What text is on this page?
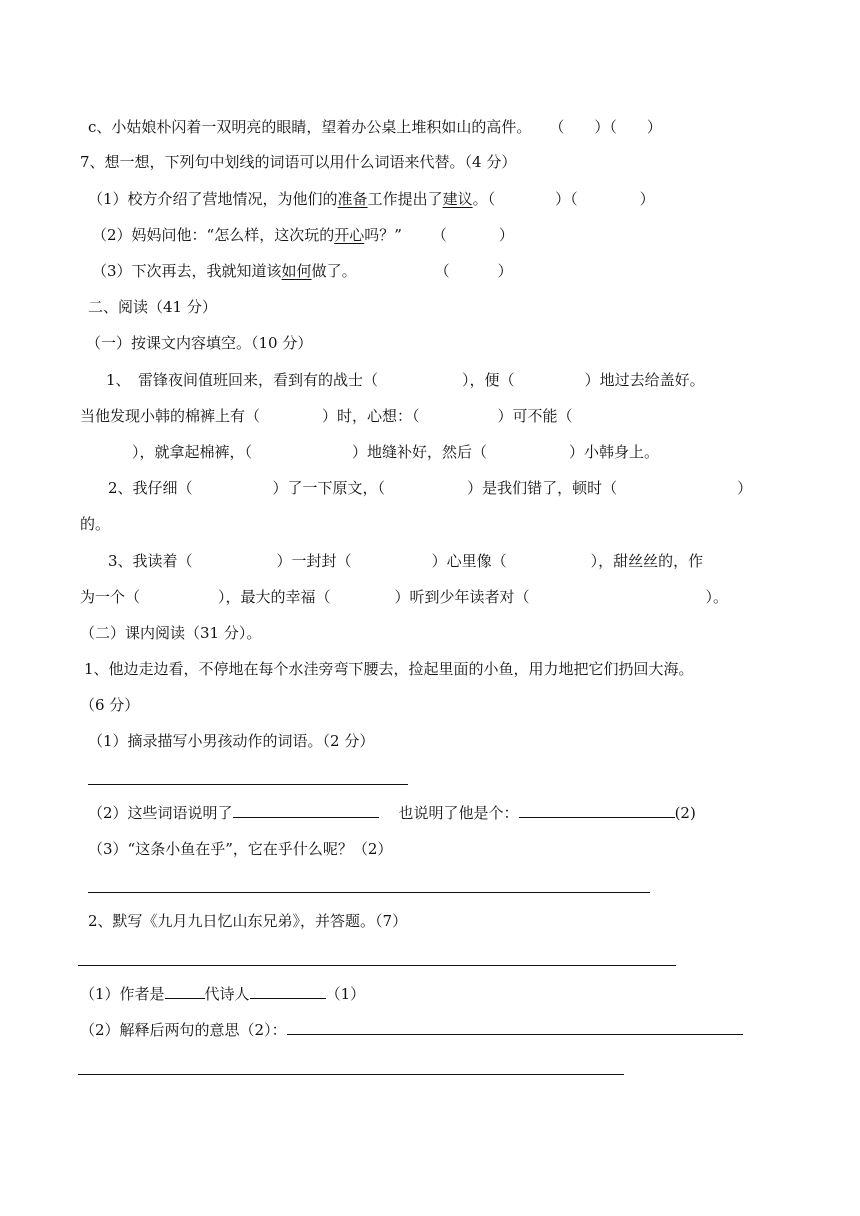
c、小姑娘朴闪着一双明亮的眼睛，望着办公桌上堆积如山的高件。 （　　）（　　）
7、想一想，下列句中划线的词语可以用什么词语来代替。（4 分）
（1）校方介绍了营地情况，为他们的准备工作提出了建议。（	）（	）
（2）妈妈问他：“怎么样，这次玩的开心吗？” （	）
（3）下次再去，我就知道该如何做了。	（	）
二、阅读（41 分）
（一）按课文内容填空。（10 分）
1、　雷锋夜间值班回来，看到有的战士（	），便（	）地过去给盖好。
当他发现小韩的棉裤上有（	）时，心想：（	）可不能（
），就拿起棉裤，（	）地缝补好，然后（	）小韩身上。
2、我仔细（	）了一下原文，（	）是我们错了，顿时（	）
的。
3、我读着（	）一封封（	）心里像（	），甜丝丝的，作
为一个（	），最大的幸福（	）听到少年读者对（	）。
（二）课内阅读（31 分）。
1、他边走边看，不停地在每个水洼旁弯下腰去，捡起里面的小鱼，用力地把它们扔回大海。
（6 分）
（1）摘录描写小男孩动作的词语。（2 分）
（2）这些词语说明了	也说明了他是个：	(2)
（3）“这条小鱼在乎”，它在乎什么呢？（2）
2、默写《九月九日忆山东兄弟》，并答题。（7）
（1）作者是	代诗人	（1）
（2）解释后两句的意思（2）：
